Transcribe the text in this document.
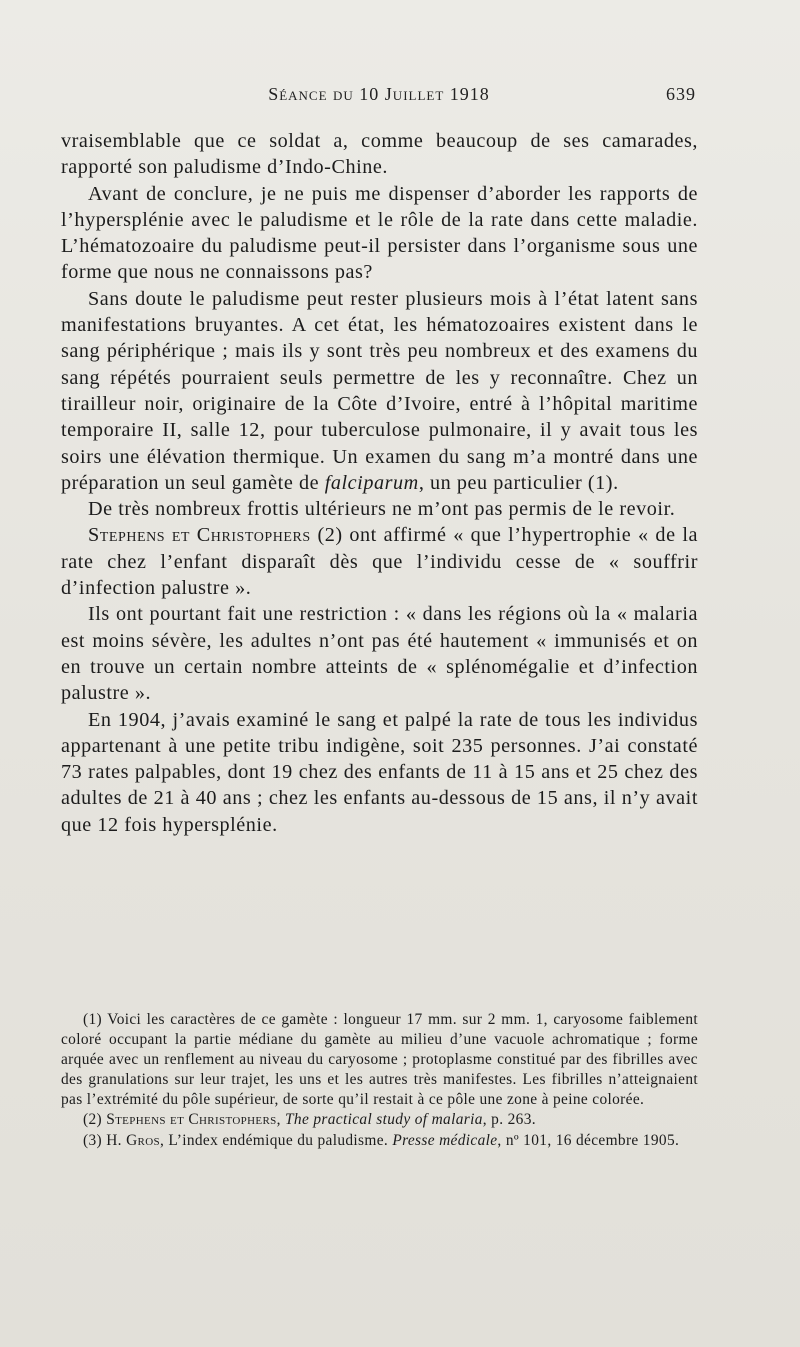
Séance du 10 Juillet 1918	639

vraisemblable que ce soldat a, comme beaucoup de ses camarades, rapporté son paludisme d’Indo-Chine.

Avant de conclure, je ne puis me dispenser d’aborder les rapports de l’hypersplénie avec le paludisme et le rôle de la rate dans cette maladie. L’hématozoaire du paludisme peut-il persister dans l’organisme sous une forme que nous ne connaissons pas?

Sans doute le paludisme peut rester plusieurs mois à l’état latent sans manifestations bruyantes. A cet état, les hématozoaires existent dans le sang périphérique ; mais ils y sont très peu nombreux et des examens du sang répétés pourraient seuls permettre de les y reconnaître. Chez un tirailleur noir, originaire de la Côte d’Ivoire, entré à l’hôpital maritime temporaire II, salle 12, pour tuberculose pulmonaire, il y avait tous les soirs une élévation thermique. Un examen du sang m’a montré dans une préparation un seul gamète de falciparum, un peu particulier (1).

De très nombreux frottis ultérieurs ne m’ont pas permis de le revoir.

Stephens et Christophers (2) ont affirmé « que l’hypertrophie « de la rate chez l’enfant disparaît dès que l’individu cesse de « souffrir d’infection palustre ».

Ils ont pourtant fait une restriction : « dans les régions où la « malaria est moins sévère, les adultes n’ont pas été hautement « immunisés et on en trouve un certain nombre atteints de « splénomégalie et d’infection palustre ».

En 1904, j’avais examiné le sang et palpé la rate de tous les individus appartenant à une petite tribu indigène, soit 235 personnes. J’ai constaté 73 rates palpables, dont 19 chez des enfants de 11 à 15 ans et 25 chez des adultes de 21 à 40 ans ; chez les enfants au-dessous de 15 ans, il n’y avait que 12 fois hypersplénie.

(1) Voici les caractères de ce gamète : longueur 17 mm. sur 2 mm. 1, caryosome faiblement coloré occupant la partie médiane du gamète au milieu d’une vacuole achromatique ; forme arquée avec un renflement au niveau du caryosome ; protoplasme constitué par des fibrilles avec des granulations sur leur trajet, les uns et les autres très manifestes. Les fibrilles n’atteignaient pas l’extrémité du pôle supérieur, de sorte qu’il restait à ce pôle une zone à peine colorée.

(2) Stephens et Christophers, The practical study of malaria, p. 263.

(3) H. Gros, L’index endémique du paludisme. Presse médicale, nº 101, 16 décembre 1905.
